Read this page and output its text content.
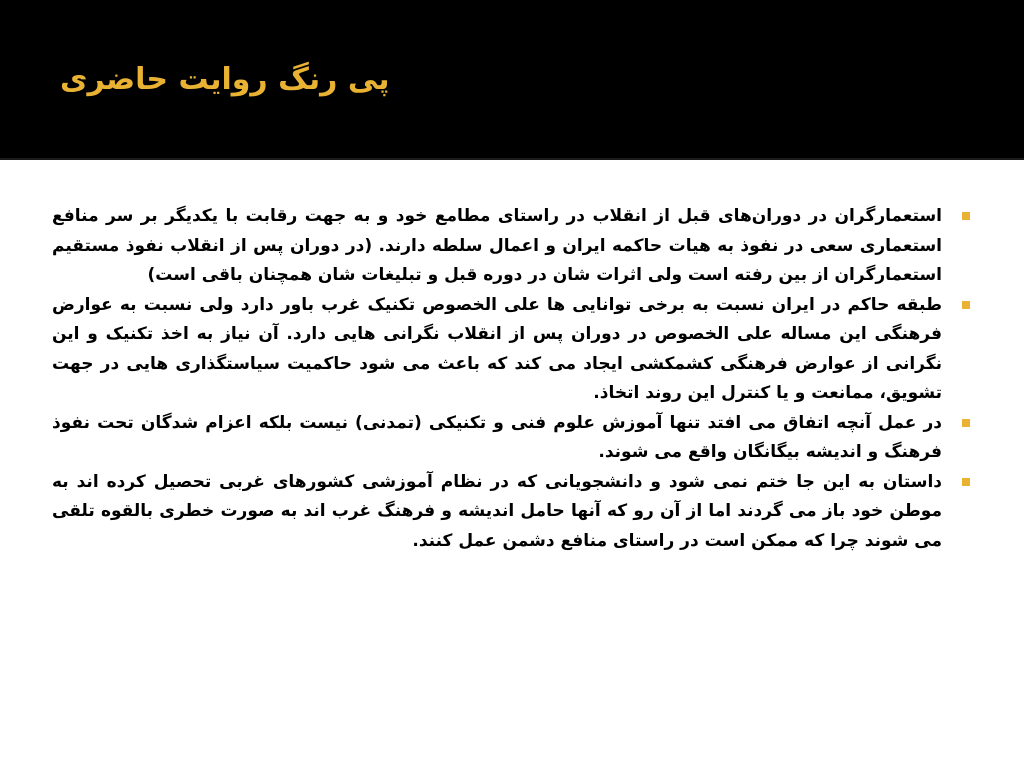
پی رنگ روایت حاضری
استعمارگران در دوران‌های قبل از انقلاب در راستای مطامع خود و به جهت رقابت با یکدیگر بر سر منافع استعماری سعی در نفوذ به هیات حاکمه ایران و اعمال سلطه دارند. (در دوران پس از انقلاب نفوذ مستقیم استعمارگران از بین رفته است ولی اثرات شان در دوره قبل و تبلیغات شان همچنان باقی است)
طبقه حاکم در ایران نسبت به برخی توانایی ها علی الخصوص تکنیک غرب باور دارد ولی نسبت به عوارض فرهنگی این مساله علی الخصوص در دوران پس از انقلاب نگرانی هایی دارد. آن نیاز به اخذ تکنیک و این نگرانی از عوارض فرهنگی کشمکشی ایجاد می کند که باعث می شود حاکمیت سیاستگذاری هایی در جهت تشویق، ممانعت و یا کنترل این روند اتخاذ.
در عمل آنچه اتفاق می افتد تنها آموزش علوم فنی و تکنیکی (تمدنی) نیست بلکه اعزام شدگان تحت نفوذ فرهنگ و اندیشه بیگانگان واقع می شوند.
داستان به این جا ختم نمی شود و دانشجویانی که در نظام آموزشی کشورهای غربی تحصیل کرده اند به موطن خود باز می گردند اما از آن رو که آنها حامل اندیشه و فرهنگ غرب اند به صورت خطری بالقوه تلقی می شوند چرا که ممکن است در راستای منافع دشمن عمل کنند.
